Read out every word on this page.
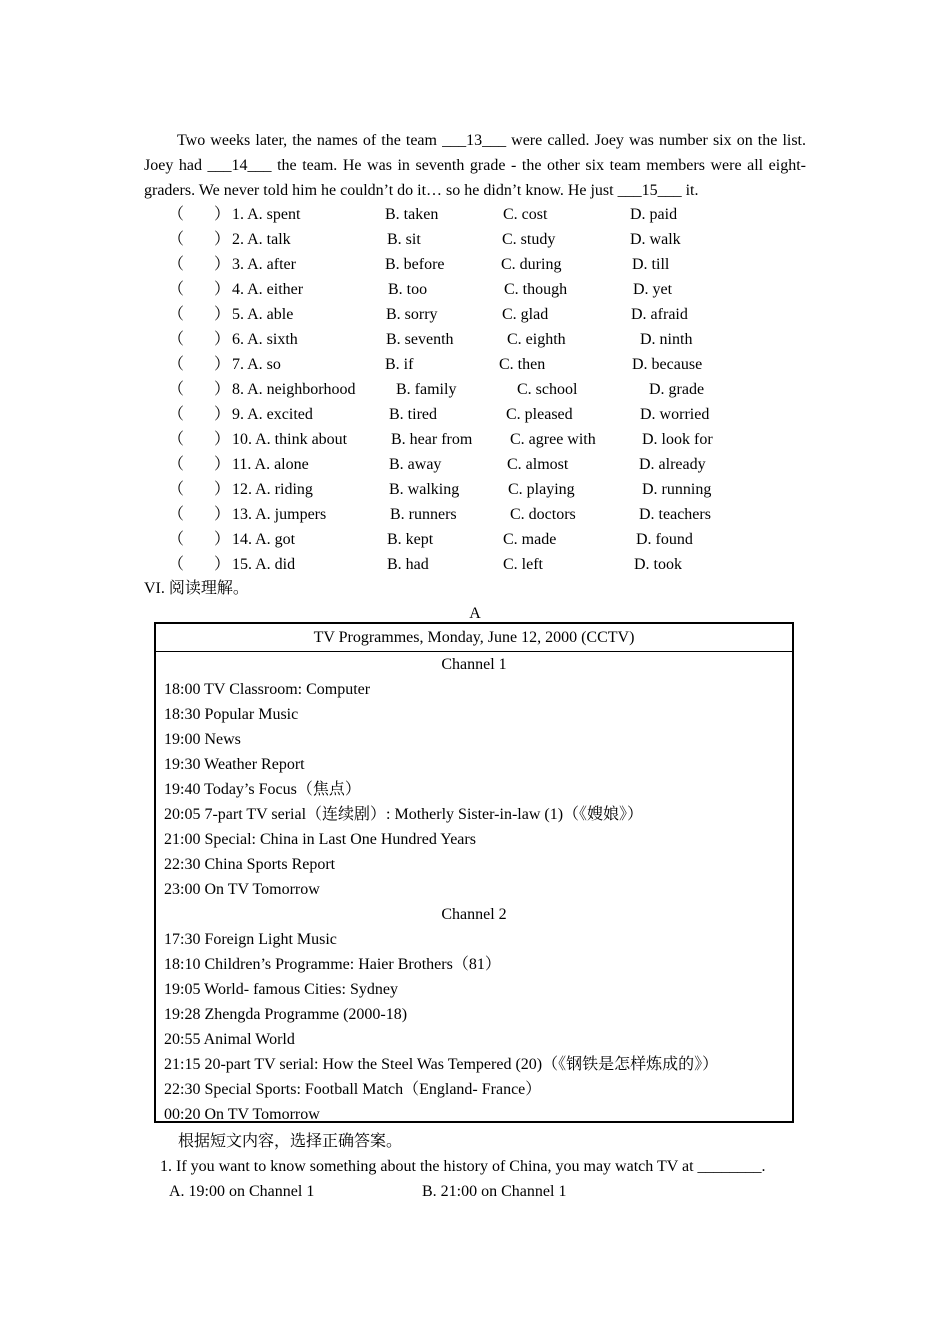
Two weeks later, the names of the team ___13___ were called. Joey was number six on the list. Joey had ___14___ the team. He was in seventh grade - the other six team members were all eight-graders. We never told him he couldn’t do it… so he didn’t know. He just ___15___ it.
（ ） 1. A. spent	B. taken	C. cost	D. paid
（ ） 2. A. talk	B. sit	C. study	D. walk
（ ） 3. A. after	B. before	C. during	D. till
（ ） 4. A. either	B. too	C. though	D. yet
（ ） 5. A. able	B. sorry	C. glad	D. afraid
（ ） 6. A. sixth	B. seventh	C. eighth	D. ninth
（ ） 7. A. so	B. if	C. then	D. because
（ ） 8. A. neighborhood	B. family	C. school	D. grade
（ ） 9. A. excited	B. tired	C. pleased	D. worried
（ ） 10. A. think about	B. hear from C. agree with	D. look for
（ ） 11. A. alone	B. away	C. almost	D. already
（ ） 12. A. riding	B. walking	C. playing	D. running
（ ） 13. A. jumpers	B. runners	C. doctors	D. teachers
（ ） 14. A. got	B. kept	C. made	D. found
（ ） 15. A. did	B. had	C. left	D. took
VI. 阅读理解。
A
TV Programmes, Monday, June 12, 2000 (CCTV)
Channel 1
18:00 TV Classroom: Computer
18:30 Popular Music
19:00 News
19:30 Weather Report
19:40 Today’s Focus（焦点）
20:05 7-part TV serial（连续剧）: Motherly Sister-in-law (1)（《嫂娘》）
21:00 Special: China in Last One Hundred Years
22:30 China Sports Report
23:00 On TV Tomorrow
Channel 2
17:30 Foreign Light Music
18:10 Children’s Programme: Haier Brothers（81）
19:05 World- famous Cities: Sydney
19:28 Zhengda Programme (2000-18)
20:55 Animal World
21:15 20-part TV serial: How the Steel Was Tempered (20)（《钢铁是怎样炼成的》）
22:30 Special Sports: Football Match（England- France）
00:20 On TV Tomorrow
根据短文内容，选择正确答案。
1. If you want to know something about the history of China, you may watch TV at ________.
A. 19:00 on Channel 1	B. 21:00 on Channel 1
